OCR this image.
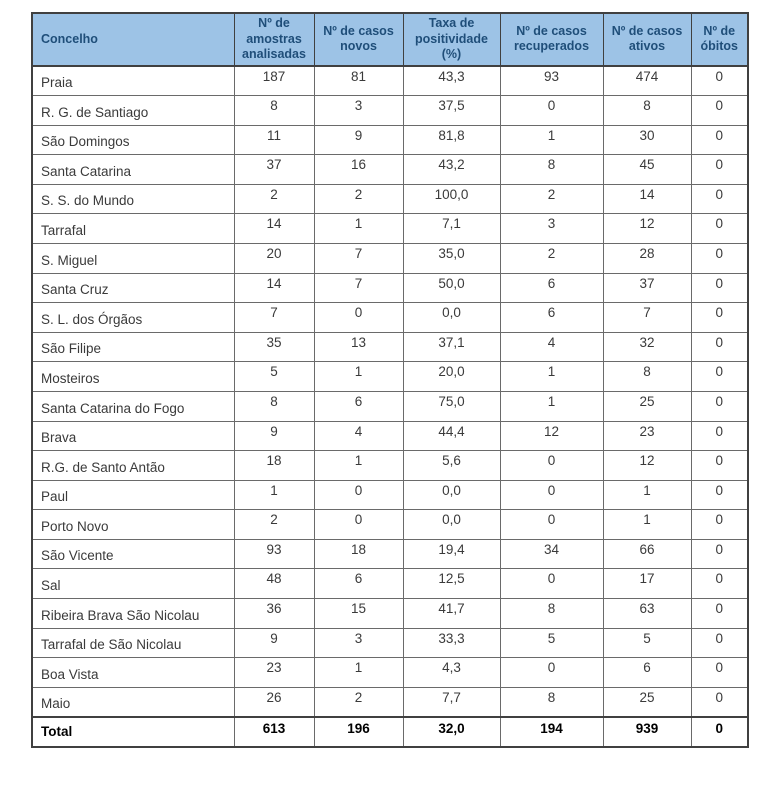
Concelho	Nº de amostras analisadas	Nº de casos novos	Taxa de positividade (%)	Nº de casos recuperados	Nº de casos ativos	Nº de óbitos
Praia	187	81	43,3	93	474	0
R. G. de Santiago	8	3	37,5	0	8	0
São Domingos	11	9	81,8	1	30	0
Santa Catarina	37	16	43,2	8	45	0
S. S. do Mundo	2	2	100,0	2	14	0
Tarrafal	14	1	7,1	3	12	0
S. Miguel	20	7	35,0	2	28	0
Santa Cruz	14	7	50,0	6	37	0
S. L. dos Órgãos	7	0	0,0	6	7	0
São Filipe	35	13	37,1	4	32	0
Mosteiros	5	1	20,0	1	8	0
Santa Catarina do Fogo	8	6	75,0	1	25	0
Brava	9	4	44,4	12	23	0
R.G. de Santo Antão	18	1	5,6	0	12	0
Paul	1	0	0,0	0	1	0
Porto Novo	2	0	0,0	0	1	0
São Vicente	93	18	19,4	34	66	0
Sal	48	6	12,5	0	17	0
Ribeira Brava São Nicolau	36	15	41,7	8	63	0
Tarrafal de São Nicolau	9	3	33,3	5	5	0
Boa Vista	23	1	4,3	0	6	0
Maio	26	2	7,7	8	25	0
Total	613	196	32,0	194	939	0
